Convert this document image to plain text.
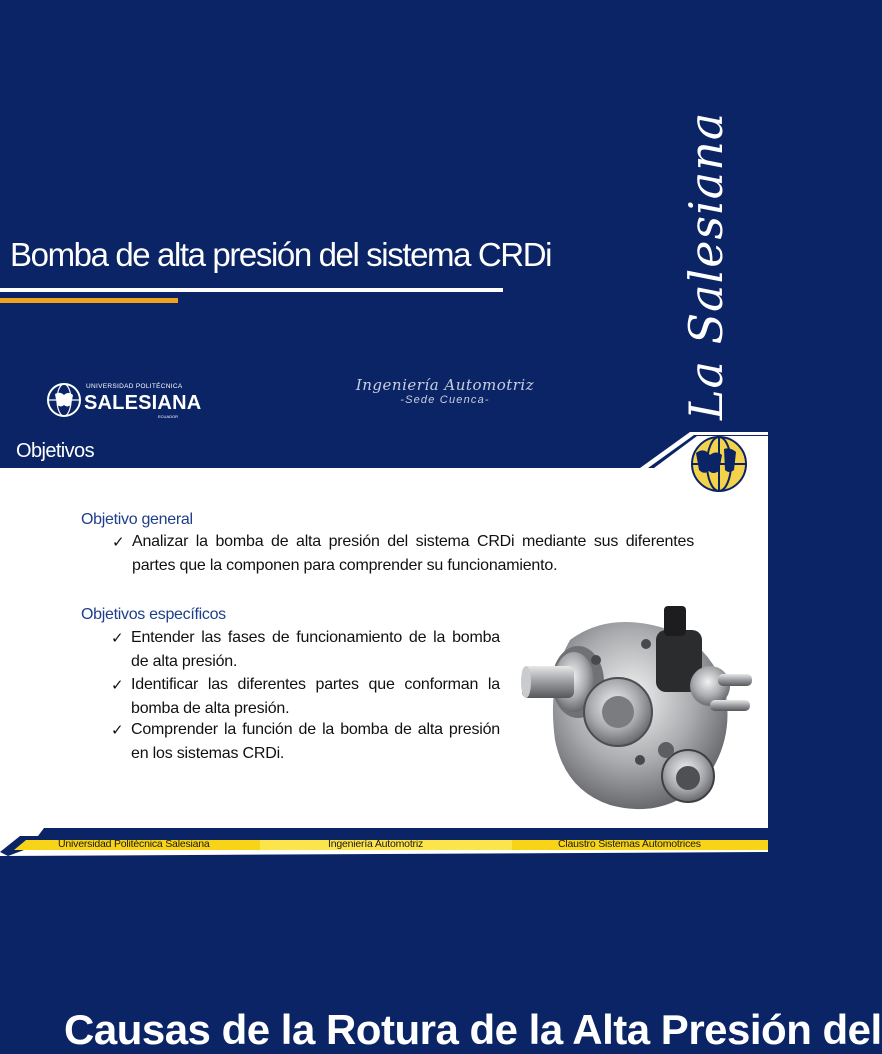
Bomba de alta presión del sistema CRDi	La Salesiana
UNIVERSIDAD POLITÉCNICA
SALESIANA
ECUADOR
Ingeniería Automotriz
-Sede Cuenca-
Objetivos
Objetivo general
✓ Analizar la bomba de alta presión del sistema CRDi mediante sus diferentes partes que la componen para comprender su funcionamiento.
Objetivos específicos
✓ Entender las fases de funcionamiento de la bomba de alta presión.
✓ Identificar las diferentes partes que conforman la bomba de alta presión.
✓ Comprender la función de la bomba de alta presión en los sistemas CRDi.
Universidad Politécnica Salesiana	Ingeniería Automotriz	Claustro Sistemas Automotrices
Causas de la Rotura de la Alta Presión del
